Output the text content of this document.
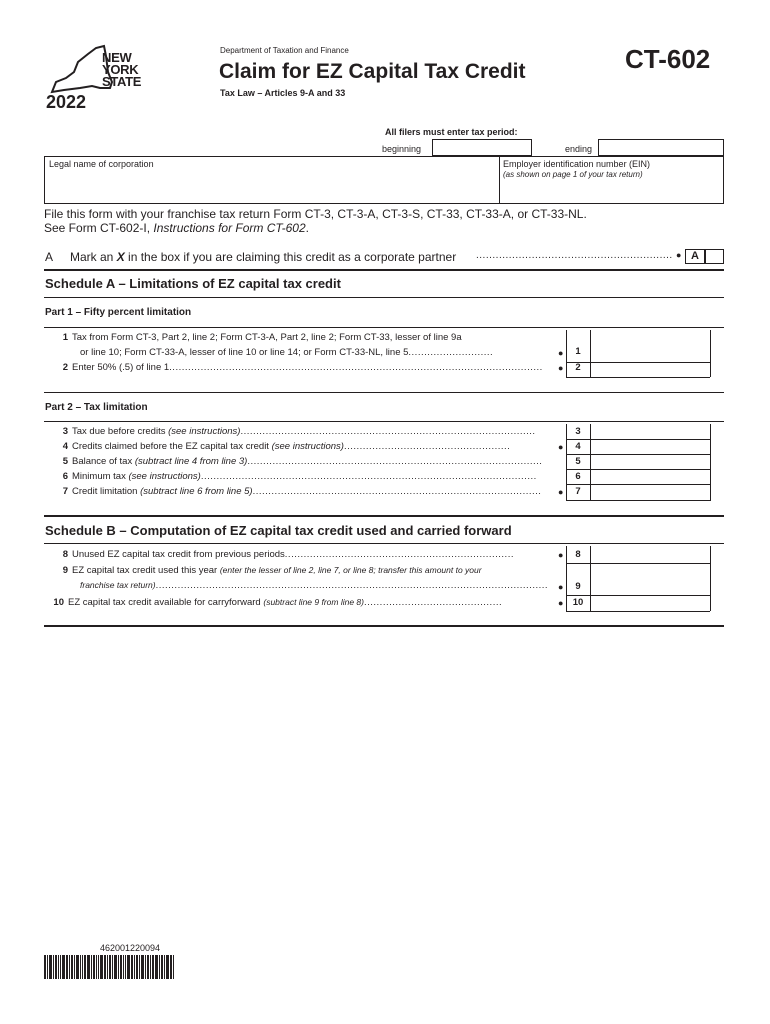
NEW
YORK
STATE
2022
Department of Taxation and Finance
Claim for EZ Capital Tax Credit
Tax Law – Articles 9-A and 33
CT-602
All filers must enter tax period:
beginning	ending
Legal name of corporation	Employer identification number (EIN)
(as shown on page 1 of your tax return)
File this form with your franchise tax return Form CT-3, CT-3-A, CT-3-S, CT-33, CT-33-A, or CT-33-NL.
See Form CT-602-I, Instructions for Form CT-602.
A Mark an X in the box if you are claiming this credit as a corporate partner .....	● A
Schedule A – Limitations of EZ capital tax credit
Part 1 – Fifty percent limitation
1 Tax from Form CT-3, Part 2, line 2; Form CT-3-A, Part 2, line 2; Form CT-33, lesser of line 9a
or line 10; Form CT-33-A, lesser of line 10 or line 14; or Form CT-33-NL, line 5 .....	●	1
2 Enter 50% (.5) of line 1 .....	●	2
Part 2 – Tax limitation
3 Tax due before credits (see instructions) .....	3
4 Credits claimed before the EZ capital tax credit (see instructions) .....	●	4
5 Balance of tax (subtract line 4 from line 3) .....	5
6 Minimum tax (see instructions) .....	6
7 Credit limitation (subtract line 6 from line 5) .....	●	7
Schedule B – Computation of EZ capital tax credit used and carried forward
8 Unused EZ capital tax credit from previous periods .....	●	8
9 EZ capital tax credit used this year (enter the lesser of line 2, line 7, or line 8; transfer this amount to your
franchise tax return) .....	●	9
10 EZ capital tax credit available for carryforward (subtract line 9 from line 8) .....	● 10
462001220094
